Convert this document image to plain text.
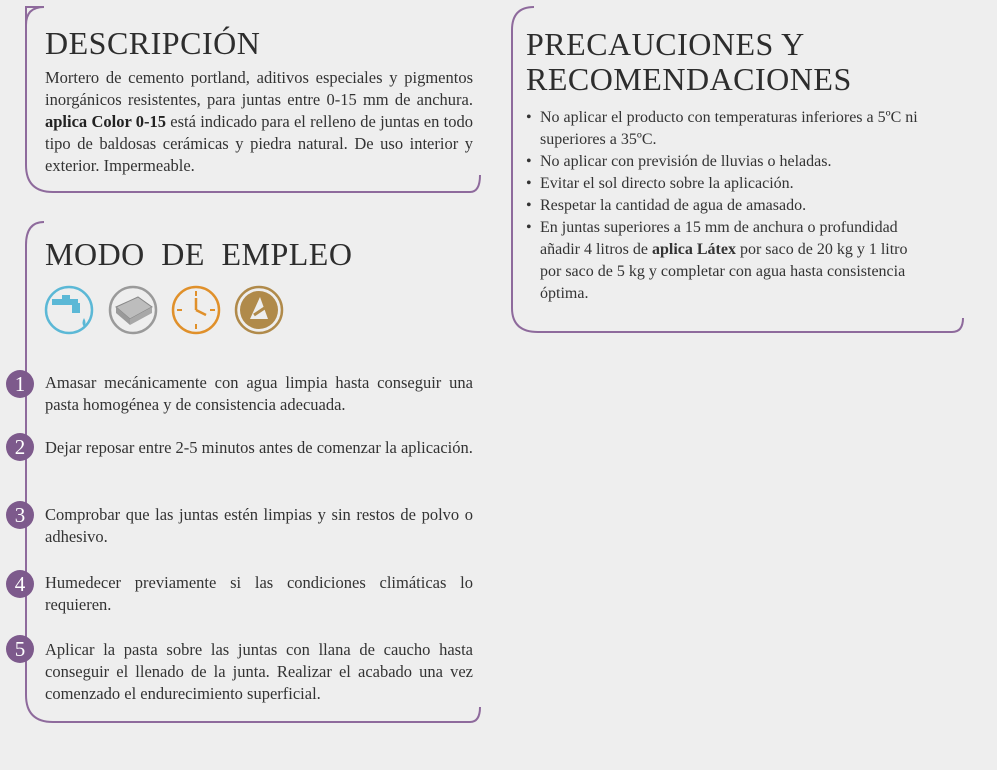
DESCRIPCIÓN
Mortero de cemento portland, aditivos especiales y pigmentos inorgánicos resistentes, para juntas entre 0-15 mm de anchura. aplica Color 0-15 está indicado para el relleno de juntas en todo tipo de baldosas cerámicas y piedra natural. De uso interior y exterior. Impermeable.
MODO DE EMPLEO
1	Amasar mecánicamente con agua limpia hasta conseguir una pasta homogénea y de consistencia adecuada.
2	Dejar reposar entre 2-5 minutos antes de comenzar la aplicación.
3	Comprobar que las juntas estén limpias y sin restos de polvo o adhesivo.
4	Humedecer previamente si las condiciones climáticas lo requieren.
5	Aplicar la pasta sobre las juntas con llana de caucho hasta conseguir el llenado de la junta. Realizar el acabado una vez comenzado el endurecimiento superficial.
PRECAUCIONES Y
RECOMENDACIONES
• No aplicar el producto con temperaturas inferiores a 5ºC ni superiores a 35ºC.
• No aplicar con previsión de lluvias o heladas.
• Evitar el sol directo sobre la aplicación.
• Respetar la cantidad de agua de amasado.
• En juntas superiores a 15 mm de anchura o profundidad añadir 4 litros de aplica Látex por saco de 20 kg y 1 litro por saco de 5 kg y completar con agua hasta consistencia óptima.
